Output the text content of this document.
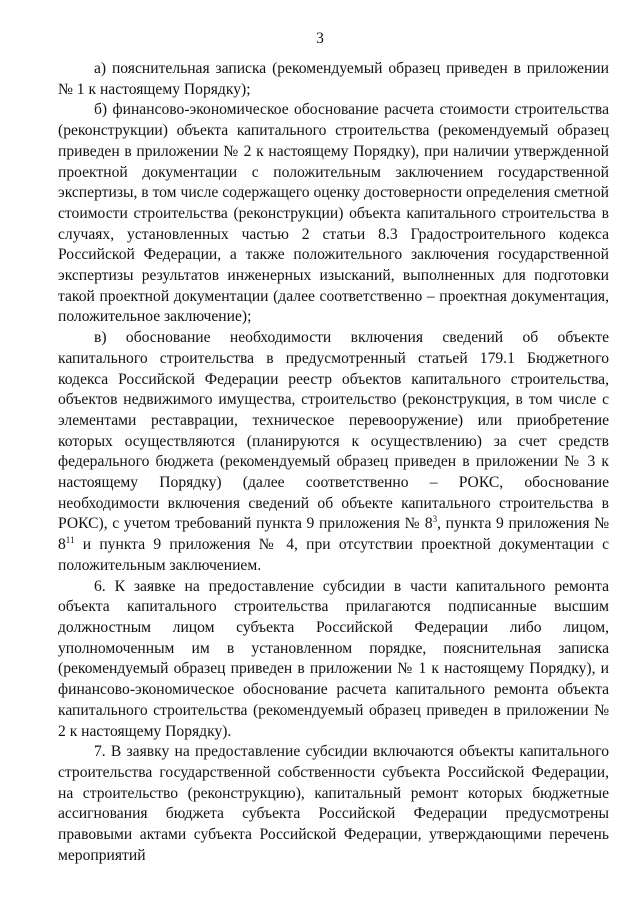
3

а) пояснительная записка (рекомендуемый образец приведен в приложении № 1 к настоящему Порядку);

б) финансово-экономическое обоснование расчета стоимости строительства (реконструкции) объекта капитального строительства (рекомендуемый образец приведен в приложении № 2 к настоящему Порядку), при наличии утвержденной проектной документации с положительным заключением государственной экспертизы, в том числе содержащего оценку достоверности определения сметной стоимости строительства (реконструкции) объекта капитального строительства в случаях, установленных частью 2 статьи 8.3 Градостроительного кодекса Российской Федерации, а также положительного заключения государственной экспертизы результатов инженерных изысканий, выполненных для подготовки такой проектной документации (далее соответственно – проектная документация, положительное заключение);

в) обоснование необходимости включения сведений об объекте капитального строительства в предусмотренный статьей 179.1 Бюджетного кодекса Российской Федерации реестр объектов капитального строительства, объектов недвижимого имущества, строительство (реконструкция, в том числе с элементами реставрации, техническое перевооружение) или приобретение которых осуществляются (планируются к осуществлению) за счет средств федерального бюджета (рекомендуемый образец приведен в приложении № 3 к настоящему Порядку) (далее соответственно – РОКС, обоснование необходимости включения сведений об объекте капитального строительства в РОКС), с учетом требований пункта 9 приложения № $8^3$, пункта 9 приложения № $8^{11}$ и пункта 9 приложения № 4, при отсутствии проектной документации с положительным заключением.

6. К заявке на предоставление субсидии в части капитального ремонта объекта капитального строительства прилагаются подписанные высшим должностным лицом субъекта Российской Федерации либо лицом, уполномоченным им в установленном порядке, пояснительная записка (рекомендуемый образец приведен в приложении № 1 к настоящему Порядку), и финансово-экономическое обоснование расчета капитального ремонта объекта капитального строительства (рекомендуемый образец приведен в приложении № 2 к настоящему Порядку).

7. В заявку на предоставление субсидии включаются объекты капитального строительства государственной собственности субъекта Российской Федерации, на строительство (реконструкцию), капитальный ремонт которых бюджетные ассигнования бюджета субъекта Российской Федерации предусмотрены правовыми актами субъекта Российской Федерации, утверждающими перечень мероприятий
